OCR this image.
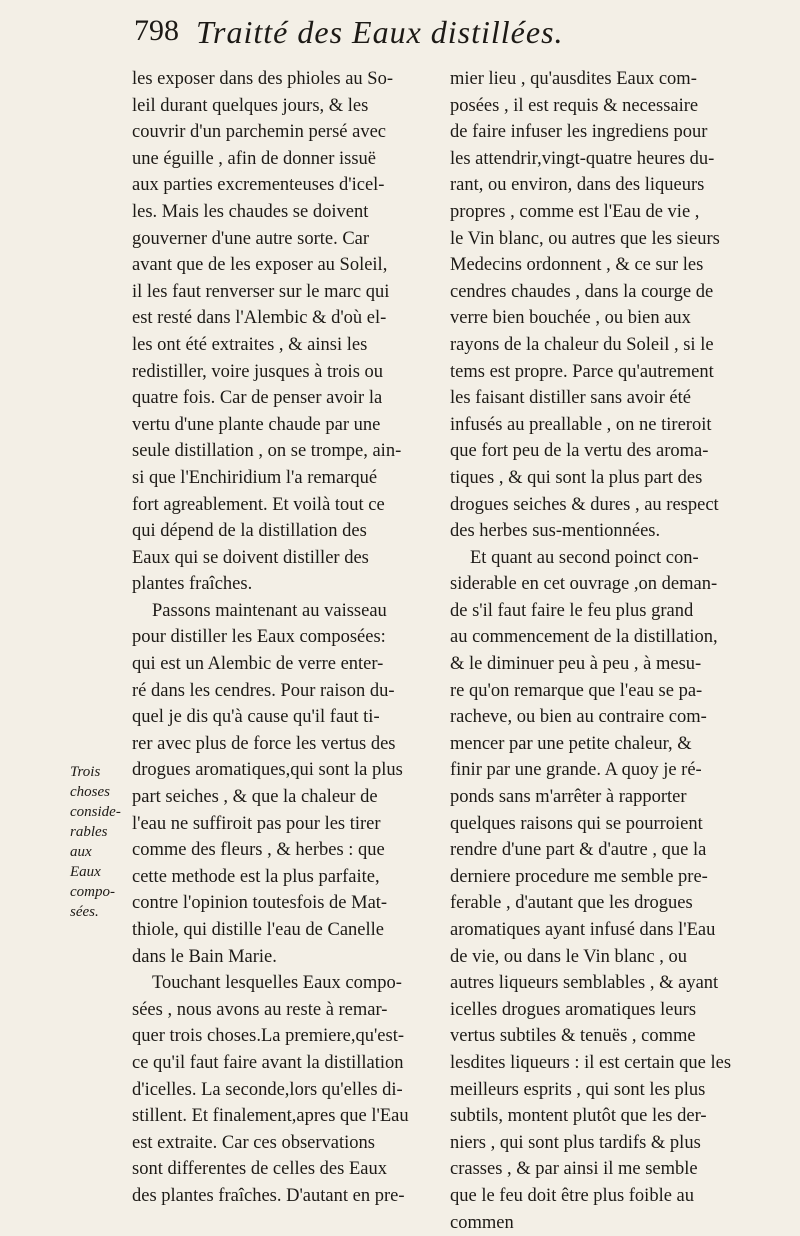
798 Traitté des Eaux distillées.
Trois
choses
conside-
rables
aux
Eaux
compo-
sées.
les exposer dans des phioles au So-
leil durant quelques jours, & les
couvrir d'un parchemin persé avec
une éguille , afin de donner issuë
aux parties excrementeuses d'icel-
les. Mais les chaudes se doivent
gouverner d'une autre sorte. Car
avant que de les exposer au Soleil,
il les faut renverser sur le marc qui
est resté dans l'Alembic & d'où el-
les ont été extraites , & ainsi les
redistiller, voire jusques à trois ou
quatre fois. Car de penser avoir la
vertu d'une plante chaude par une
seule distillation , on se trompe, ain-
si que l'Enchiridium l'a remarqué
fort agreablement. Et voilà tout ce
qui dépend de la distillation des
Eaux qui se doivent distiller des
plantes fraîches.
Passons maintenant au vaisseau
pour distiller les Eaux composées:
qui est un Alembic de verre enter-
ré dans les cendres. Pour raison du-
quel je dis qu'à cause qu'il faut ti-
rer avec plus de force les vertus des
drogues aromatiques,qui sont la plus
part seiches , & que la chaleur de
l'eau ne suffiroit pas pour les tirer
comme des fleurs , & herbes : que
cette methode est la plus parfaite,
contre l'opinion toutesfois de Mat-
thiole, qui distille l'eau de Canelle
dans le Bain Marie.
Touchant lesquelles Eaux compo-
sées , nous avons au reste à remar-
quer trois choses.La premiere,qu'est-
ce qu'il faut faire avant la distillation
d'icelles. La seconde,lors qu'elles di-
stillent. Et finalement,apres que l'Eau
est extraite. Car ces observations
sont differentes de celles des Eaux
des plantes fraîches. D'autant en pre-
mier lieu , qu'ausdites Eaux com-
posées , il est requis & necessaire
de faire infuser les ingrediens pour
les attendrir,vingt-quatre heures du-
rant, ou environ, dans des liqueurs
propres , comme est l'Eau de vie ,
le Vin blanc, ou autres que les sieurs
Medecins ordonnent , & ce sur les
cendres chaudes , dans la courge de
verre bien bouchée , ou bien aux
rayons de la chaleur du Soleil , si le
tems est propre. Parce qu'autrement
les faisant distiller sans avoir été
infusés au preallable , on ne tireroit
que fort peu de la vertu des aroma-
tiques , & qui sont la plus part des
drogues seiches & dures , au respect
des herbes sus-mentionnées.
Et quant au second poinct con-
siderable en cet ouvrage ,on deman-
de s'il faut faire le feu plus grand
au commencement de la distillation,
& le diminuer peu à peu , à mesu-
re qu'on remarque que l'eau se pa-
racheve, ou bien au contraire com-
mencer par une petite chaleur, &
finir par une grande. A quoy je ré-
ponds sans m'arrêter à rapporter
quelques raisons qui se pourroient
rendre d'une part & d'autre , que la
derniere procedure me semble pre-
ferable , d'autant que les drogues
aromatiques ayant infusé dans l'Eau
de vie, ou dans le Vin blanc , ou
autres liqueurs semblables , & ayant
icelles drogues aromatiques leurs
vertus subtiles & tenuës , comme
lesdites liqueurs : il est certain que les
meilleurs esprits , qui sont les plus
subtils, montent plutôt que les der-
niers , qui sont plus tardifs & plus
crasses , & par ainsi il me semble
que le feu doit être plus foible au
commen
